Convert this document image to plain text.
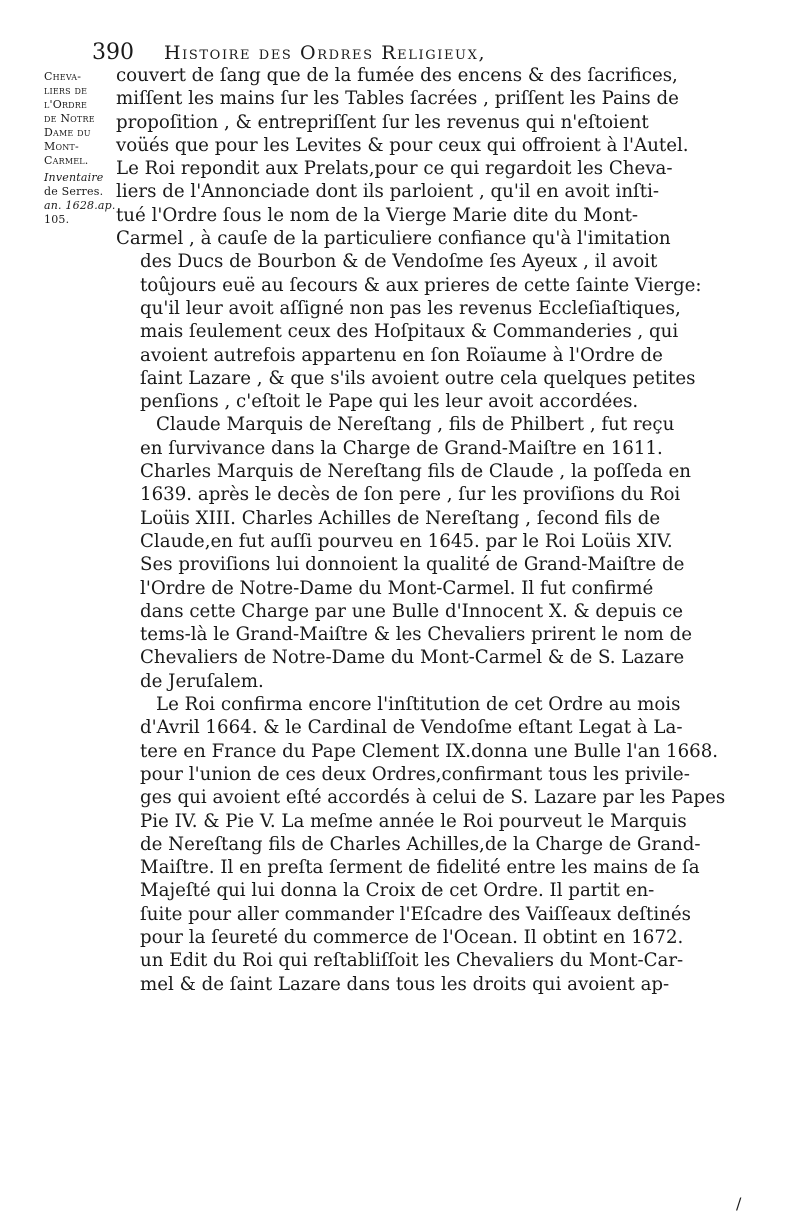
390 Histoire des Ordres Religieux,
Cheva-
liers de
l'Ordre
de Notre
Dame du
Mont-
Carmel.
Inventaire
de Serres.
an. 1628.ap.
105.
couvert de ſang que de la fumée des encens & des ſacrifices,
miſſent les mains ſur les Tables ſacrées , priſſent les Pains de
propoſition , & entrepriſſent ſur les revenus qui n'eſtoient
voüés que pour les Levites & pour ceux qui offroient à l'Autel.
Le Roi repondit aux Prelats,pour ce qui regardoit les Cheva-
liers de l'Annonciade dont ils parloient , qu'il en avoit inſti-
tué l'Ordre ſous le nom de la Vierge Marie dite du Mont-
Carmel , à cauſe de la particuliere confiance qu'à l'imitation
des Ducs de Bourbon & de Vendoſme ſes Ayeux , il avoit
toûjours euë au ſecours & aux prieres de cette ſainte Vierge:
qu'il leur avoit aſſigné non pas les revenus Eccleſiaſtiques,
mais ſeulement ceux des Hoſpitaux & Commanderies , qui
avoient autrefois appartenu en ſon Roïaume à l'Ordre de
ſaint Lazare , & que s'ils avoient outre cela quelques petites
penſions , c'eſtoit le Pape qui les leur avoit accordées.
Claude Marquis de Nereſtang , fils de Philbert , fut reçu
en ſurvivance dans la Charge de Grand-Maiſtre en 1611.
Charles Marquis de Nereſtang fils de Claude , la poſſeda en
1639. après le decès de ſon pere , ſur les proviſions du Roi
Loüis XIII. Charles Achilles de Nereſtang , ſecond fils de
Claude,en fut auſſi pourveu en 1645. par le Roi Loüis XIV.
Ses proviſions lui donnoient la qualité de Grand-Maiſtre de
l'Ordre de Notre-Dame du Mont-Carmel. Il fut confirmé
dans cette Charge par une Bulle d'Innocent X. & depuis ce
tems-là le Grand-Maiſtre & les Chevaliers prirent le nom de
Chevaliers de Notre-Dame du Mont-Carmel & de S. Lazare
de Jeruſalem.
Le Roi confirma encore l'inſtitution de cet Ordre au mois
d'Avril 1664. & le Cardinal de Vendoſme eſtant Legat à La-
tere en France du Pape Clement IX.donna une Bulle l'an 1668.
pour l'union de ces deux Ordres,confirmant tous les privile-
ges qui avoient eſté accordés à celui de S. Lazare par les Papes
Pie IV. & Pie V. La meſme année le Roi pourveut le Marquis
de Nereſtang fils de Charles Achilles,de la Charge de Grand-
Maiſtre. Il en preſta ſerment de fidelité entre les mains de ſa
Majeſté qui lui donna la Croix de cet Ordre. Il partit en-
ſuite pour aller commander l'Eſcadre des Vaiſſeaux deſtinés
pour la ſeureté du commerce de l'Ocean. Il obtint en 1672.
un Edit du Roi qui reſtabliſſoit les Chevaliers du Mont-Car-
mel & de ſaint Lazare dans tous les droits qui avoient ap-
/
